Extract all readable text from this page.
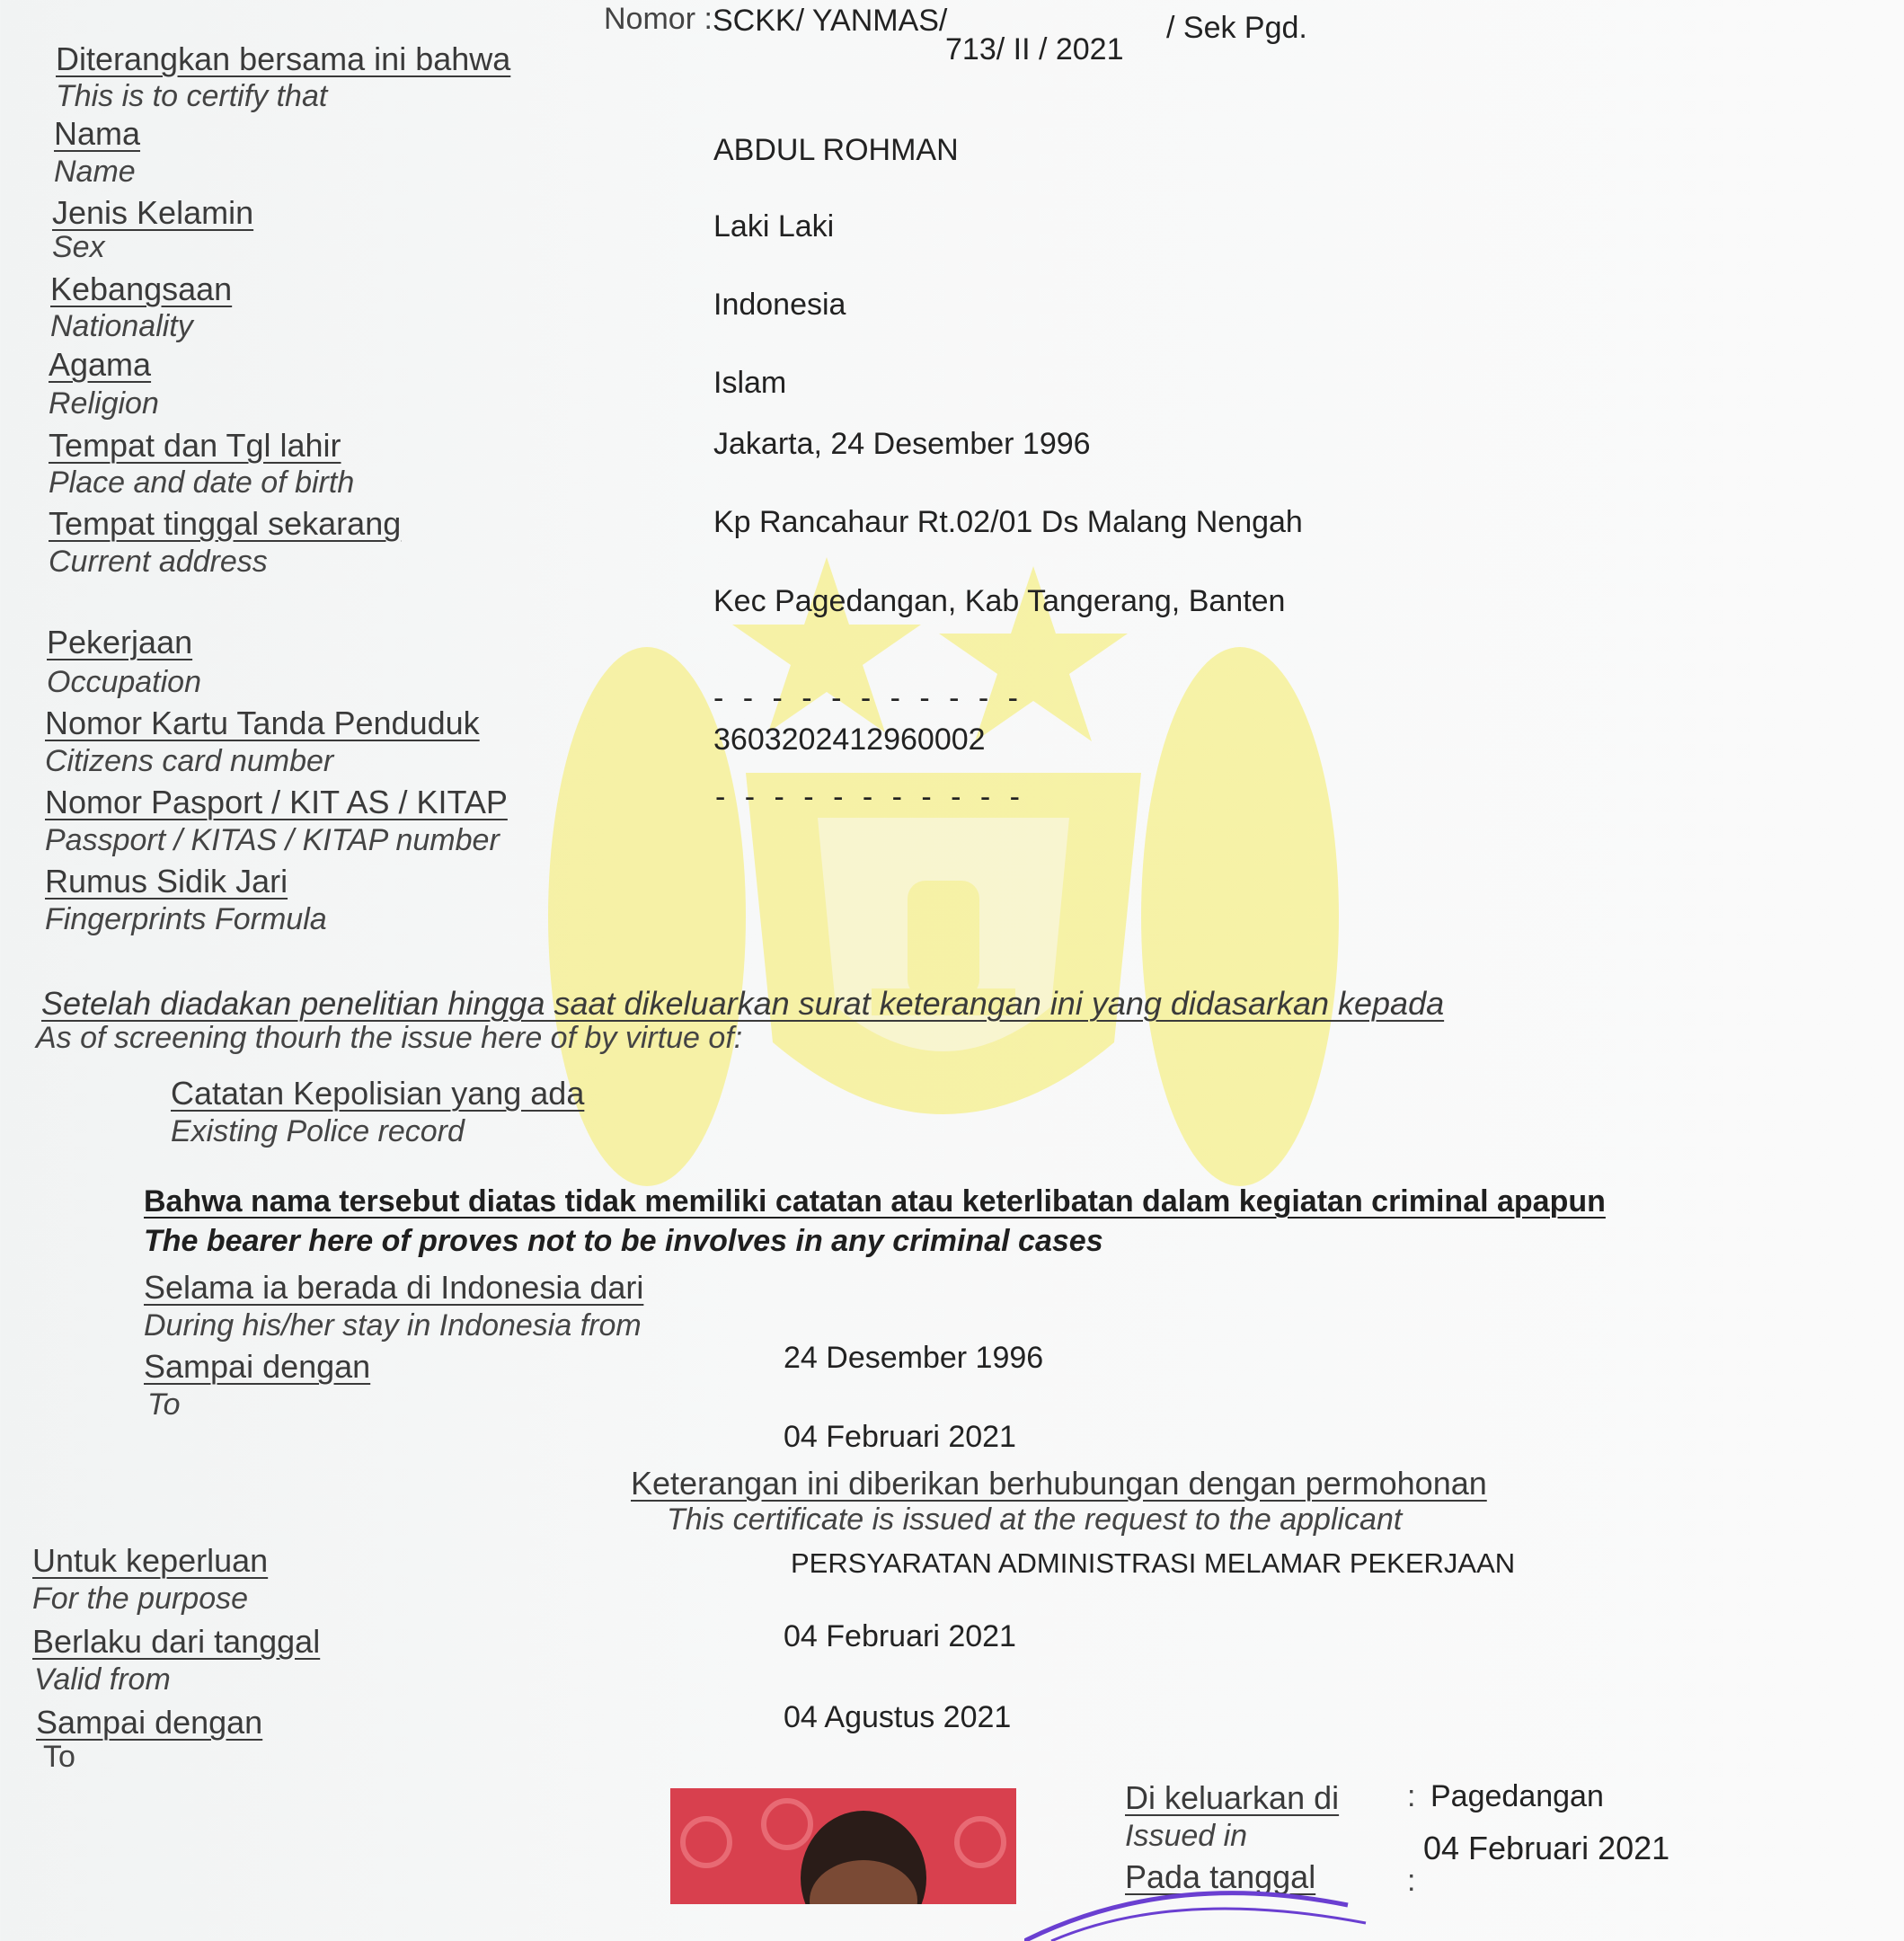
Nomor : SCKK/ YANMAS/
713/ II / 2021
/ Sek Pgd.
Diterangkan bersama ini bahwa
This is to certify that
Nama
Name
ABDUL ROHMAN
Jenis Kelamin
Sex
Laki Laki
Kebangsaan
Nationality
Indonesia
Agama
Religion
Islam
Tempat dan Tgl lahir
Place and date of birth
Jakarta, 24 Desember 1996
Tempat tinggal sekarang
Current address
Kp Rancahaur Rt.02/01 Ds Malang Nengah
Kec Pagedangan, Kab Tangerang, Banten
Pekerjaan
Occupation	- - - - - - - - - - -
Nomor Kartu Tanda Penduduk
Citizens card number
3603202412960002
Nomor Pasport / KIT AS / KITAP
Passport / KITAS / KITAP number
- - - - - - - - - - -
Rumus Sidik Jari
Fingerprints Formula
Setelah diadakan penelitian hingga saat dikeluarkan surat keterangan ini yang didasarkan kepada
As of screening thourh the issue here of by virtue of:
Catatan Kepolisian yang ada
Existing Police record
Bahwa nama tersebut diatas tidak memiliki catatan atau keterlibatan dalam kegiatan criminal apapun
The bearer here of proves not to be involves in any criminal cases
Selama ia berada di Indonesia dari
During his/her stay in Indonesia from
24 Desember 1996
Sampai dengan
To
04 Februari 2021
Keterangan ini diberikan berhubungan dengan permohonan
This certificate is issued at the request to the applicant
Untuk keperluan
For the purpose
PERSYARATAN ADMINISTRASI MELAMAR PEKERJAAN
Berlaku dari tanggal
Valid from
04 Februari 2021
Sampai dengan
To
04 Agustus 2021
Di keluarkan di
Issued in
: Pagedangan
Pada tanggal	:
04 Februari 2021
